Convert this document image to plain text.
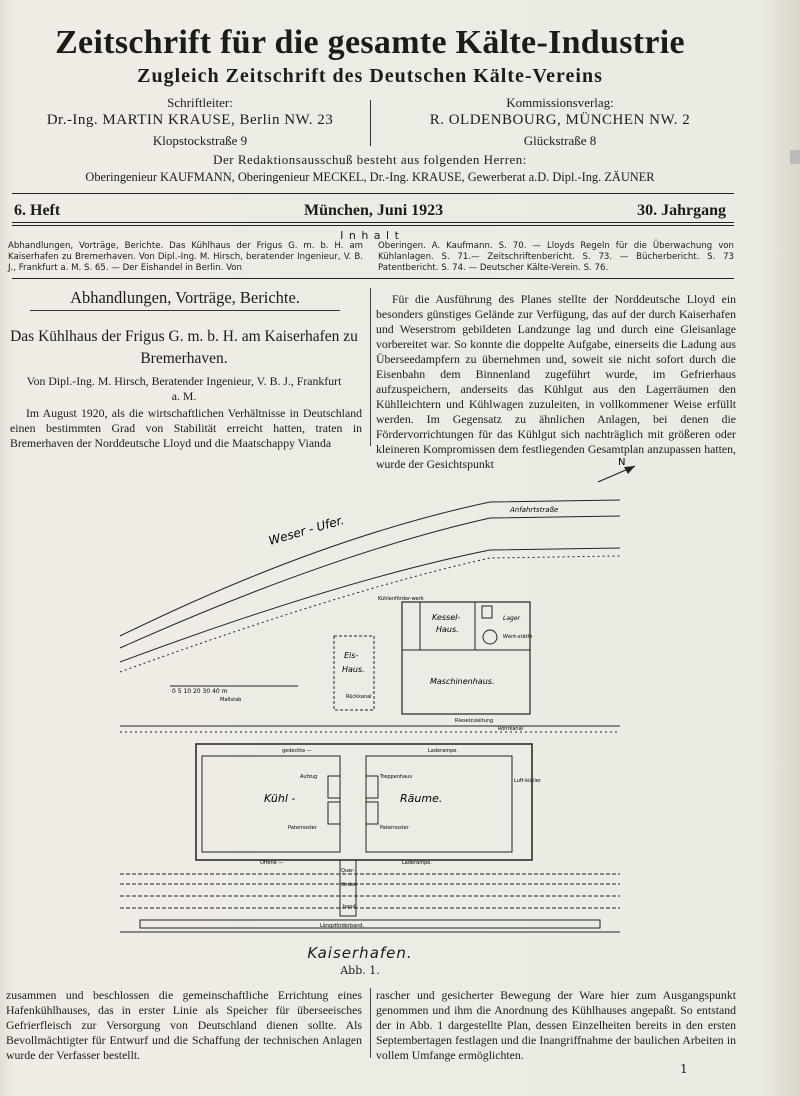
Zeitschrift für die gesamte Kälte-Industrie
Zugleich Zeitschrift des Deutschen Kälte-Vereins
Schriftleiter:
Dr.-Ing. MARTIN KRAUSE, Berlin NW. 23
Klopstockstraße 9
Kommissionsverlag:
R. OLDENBOURG, MÜNCHEN NW. 2
Glückstraße 8
Der Redaktionsausschuß besteht aus folgenden Herren:
Oberingenieur KAUFMANN, Oberingenieur MECKEL, Dr.-Ing. KRAUSE, Gewerberat a.D. Dipl.-Ing. ZÄUNER
6. Heft	München, Juni 1923	30. Jahrgang
I n h a l t
Abhandlungen, Vorträge, Berichte. Das Kühlhaus der Frigus G. m. b. H. am Kaiserhafen zu Bremerhaven. Von Dipl.-Ing. M. Hirsch, beratender Ingenieur, V. B. J., Frankfurt a. M. S. 65. — Der Eishandel in Berlin. Von
Oberingen. A. Kaufmann. S. 70. — Lloyds Regeln für die Überwachung von Kühlanlagen. S. 71.— Zeitschriftenbericht. S. 73. — Bücherbericht. S. 73 Patentbericht. S. 74. — Deutscher Kälte-Verein. S. 76.
Abhandlungen, Vorträge, Berichte.
Das Kühlhaus der Frigus G. m. b. H. am Kaiserhafen zu Bremerhaven.
Von Dipl.-Ing. M. Hirsch, Beratender Ingenieur, V. B. J., Frankfurt a. M.

Im August 1920, als die wirtschaftlichen Verhältnisse in Deutschland einen bestimmten Grad von Stabilität erreicht hatten, traten in Bremerhaven der Norddeutsche Lloyd und die Maatschappy Vianda

Für die Ausführung des Planes stellte der Norddeutsche Lloyd ein besonders günstiges Gelände zur Verfügung, das auf der durch Kaiserhafen und Weserstrom gebildeten Landzunge lag und durch eine Gleisanlage vorbereitet war. So konnte die doppelte Aufgabe, einerseits die Ladung aus Überseedampfern zu übernehmen und, soweit sie nicht sofort durch die Eisenbahn dem Binnenland zugeführt wurde, im Gefrierhaus aufzuspeichern, anderseits das Kühlgut aus den Lagerräumen den Kühlleichtern und Kühlwagen zuzuleiten, in vollkommener Weise erfüllt werden. Im Gegensatz zu ähnlichen Anlagen, bei denen die Fördervorrichtungen für das Kühlgut sich nachträglich mit größeren oder kleineren Kompromissen dem festliegenden Gesamtplan anzupassen hatten, wurde der Gesichtspunkt	N
Weser - Ufer.
Anfahrtstraße
Eis-
Haus.
Rückkanal
Kühlenförder-werk
Kessel-
Haus.
Lager
Werk-stätte
Maschinenhaus.
Rieselzuleitung
Rohrkanal
0 5 10 20 30 40 m
Maßstab
gedeckte —	Laderampe.
Aufzug	Treppenhaus
Kühl -	Räume.
Paternoster	Paternoster
Luft-kühler
Offene —	Laderampe.
Quer-
förder-
band.
Längsförderband.
Kaiserhafen.
Abb. 1.

zusammen und beschlossen die gemeinschaftliche Errichtung eines Hafenkühlhauses, das in erster Linie als Speicher für überseeisches Gefrierfleisch zur Versorgung von Deutschland dienen sollte. Als Bevollmächtigter für Entwurf und die Schaffung der technischen Anlagen wurde der Verfasser bestellt.

rascher und gesicherter Bewegung der Ware hier zum Ausgangspunkt genommen und ihm die Anordnung des Kühlhauses angepaßt. So entstand der in Abb. 1 dargestellte Plan, dessen Einzelheiten bereits in den ersten Septembertagen festlagen und die Inangriffnahme der baulichen Arbeiten in vollem Umfange ermöglichten.

1
